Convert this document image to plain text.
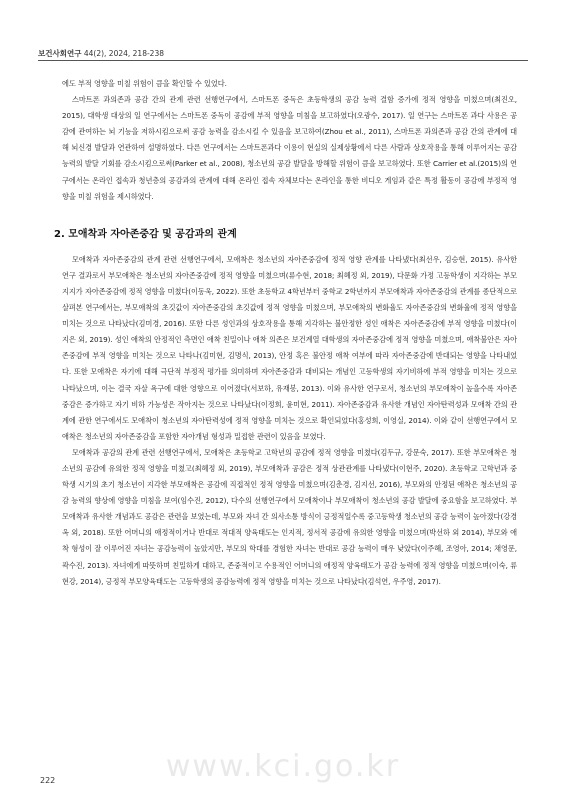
보건사회연구 44(2), 2024, 218-238

에도 부적 영향을 미칠 위험이 큼을 확인할 수 있었다.

스마트폰 과의존과 공감 간의 관계 관련 선행연구에서, 스마트폰 중독은 초등학생의 공감 능력 결함 증가에 정적 영향을 미쳤으며(최진오, 2015), 대학생 대상의 일 연구에서는 스마트폰 중독이 공감에 부적 영향을 미침을 보고하였다(오광수, 2017). 일 연구는 스마트폰 과다 사용은 공감에 관여하는 뇌 기능을 저하시킴으로써 공감 능력을 감소시킬 수 있음을 보고하여(Zhou et al., 2011), 스마트폰 과의존과 공감 간의 관계에 대해 뇌신경 발달과 연관하여 설명하였다. 다른 연구에서는 스마트폰과다 이용이 현실의 실제상황에서 다른 사람과 상호작용을 통해 이루어지는 공감 능력의 발달 기회를 감소시킴으로써(Parker et al., 2008), 청소년의 공감 발달을 방해할 위험이 큼을 보고하였다. 또한 Carrier et al.(2015)의 연구에서는 온라인 접속과 청년층의 공감과의 관계에 대해 온라인 접속 자체보다는 온라인을 통한 비디오 게임과 같은 특정 활동이 공감에 부정적 영향을 미칠 위험을 제시하였다.

2. 모애착과 자아존중감 및 공감과의 관계

모애착과 자아존중감의 관계 관련 선행연구에서, 모애착은 청소년의 자아존중감에 정적 영향 관계를 나타냈다(최선우, 김승현, 2015). 유사한 연구 결과로서 부모애착은 청소년의 자아존중감에 정적 영향을 미쳤으며(류수현, 2018; 최혜정 외, 2019), 다문화 가정 고등학생이 지각하는 부모지지가 자아존중감에 정적 영향을 미쳤다(이동욱, 2022). 또한 초등학교 4학년부터 중학교 2학년까지 부모애착과 자아존중감의 관계를 종단적으로 살펴본 연구에서는, 부모애착의 초깃값이 자아존중감의 초깃값에 정적 영향을 미쳤으며, 부모애착의 변화율도 자아존중감의 변화율에 정적 영향을 미치는 것으로 나타났다(김미경, 2016). 또한 다른 성인과의 상호작용을 통해 지각하는 불안정한 성인 애착은 자아존중감에 부적 영향을 미쳤다(이지은 외, 2019). 성인 애착의 안정적인 측면인 애착 친밀이나 애착 의존은 보건계열 대학생의 자아존중감에 정적 영향을 미쳤으며, 애착불안은 자아존중감에 부적 영향을 미치는 것으로 나타나(김미현, 김명식, 2013), 안정 혹은 불안정 애착 여부에 따라 자아존중감에 반대되는 영향을 나타내었다. 또한 모애착은 자기에 대해 극단적 부정적 평가를 의미하며 자아존중감과 대비되는 개념인 고등학생의 자기비하에 부적 영향을 미치는 것으로 나타났으며, 이는 결국 자살 욕구에 대한 영향으로 이어졌다(서보하, 유재봉, 2013). 이와 유사한 연구로서, 청소년의 부모애착이 높을수록 자아존중감은 증가하고 자기 비하 가능성은 작아지는 것으로 나타났다(이정희, 윤미현, 2011). 자아존중감과 유사한 개념인 자아탄력성과 모애착 간의 관계에 관한 연구에서도 모애착이 청소년의 자아탄력성에 정적 영향을 미치는 것으로 확인되었다(홍성희, 이영실, 2014). 이와 같이 선행연구에서 모애착은 청소년의 자아존중감을 포함한 자아개념 형성과 밀접한 관련이 있음을 보였다.

모애착과 공감의 관계 관련 선행연구에서, 모애착은 초등학교 고학년의 공감에 정적 영향을 미쳤다(김두규, 강문숙, 2017). 또한 부모애착은 청소년의 공감에 유의한 정적 영향을 미쳤고(최혜정 외, 2019), 부모애착과 공감은 정적 상관관계를 나타냈다(이현주, 2020). 초등학교 고학년과 중학생 시기의 초기 청소년이 지각한 부모애착은 공감에 직접적인 정적 영향을 미쳤으며(김춘경, 김지선, 2016), 부모와의 안정된 애착은 청소년의 공감 능력의 향상에 영향을 미침을 보여(임수진, 2012), 다수의 선행연구에서 모애착이나 부모애착이 청소년의 공감 발달에 중요함을 보고하였다. 부모애착과 유사한 개념과도 공감은 관련을 보였는데, 부모와 자녀 간 의사소통 방식이 긍정적일수록 중고등학생 청소년의 공감 능력이 높아졌다(강경옥 외, 2018). 또한 어머니의 애정적이거나 반대로 적대적 양육태도는 인지적, 정서적 공감에 유의한 영향을 미쳤으며(박선하 외 2014), 부모와 애착 형성이 잘 이루어진 자녀는 공감능력이 높았지만, 부모의 학대를 경험한 자녀는 반대로 공감 능력이 매우 낮았다(이주혜, 조영아, 2014; 채영문, 곽수진, 2013). 자녀에게 따뜻하며 친밀하게 대하고, 존중적이고 수용적인 어머니의 애정적 양육태도가 공감 능력에 정적 영향을 미쳤으며(이숙, 류현강, 2014), 긍정적 부모양육태도는 고등학생의 공감능력에 정적 영향을 미치는 것으로 나타났다(김석연, 우주영, 2017).

www.kci.go.kr
222
